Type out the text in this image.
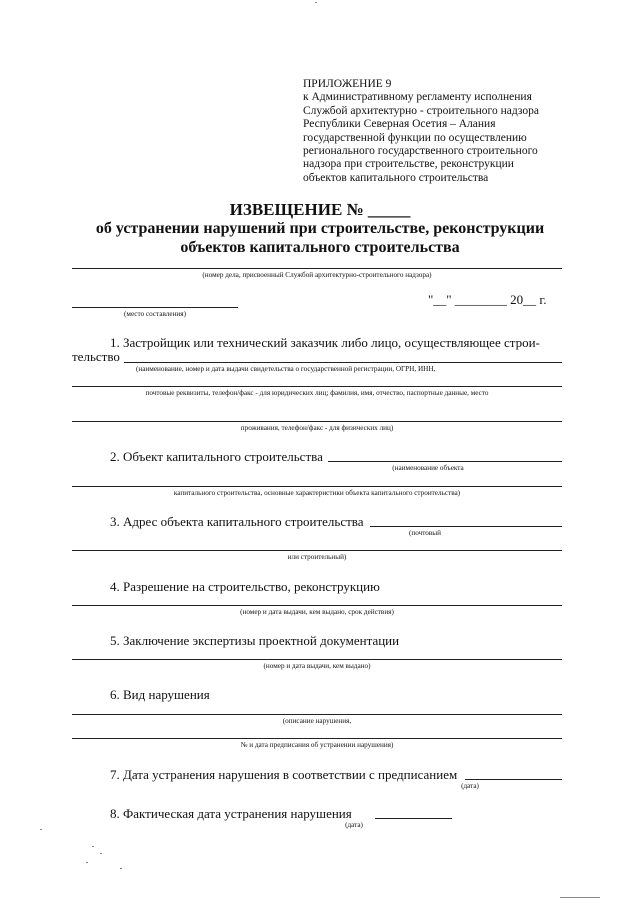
ПРИЛОЖЕНИЕ 9
к Административному регламенту исполнения
Службой архитектурно - строительного надзора
Республики Северная Осетия – Алания
государственной функции по осуществлению
регионального государственного строительного
надзора при строительстве, реконструкции
объектов капитального строительства
ИЗВЕЩЕНИЕ № _____
об устранении нарушений при строительстве, реконструкции
объектов капитального строительства
(номер дела, присвоенный Службой архитектурно-строительного надзора)
(место составления)
"__" ________ 20__ г.
1. Застройщик или технический заказчик либо лицо, осуществляющее строи-
тельство
(наименование, номер и дата выдачи свидетельства о государственной регистрации, ОГРН, ИНН,
почтовые реквизиты, телефон/факс - для юридических лиц; фамилия, имя, отчество, паспортные данные, место
проживания, телефон/факс - для физических лиц)
2. Объект капитального строительства
(наименование объекта
капитального строительства, основные характеристики объекта капитального строительства)
3. Адрес объекта капитального строительства
(почтовый
или строительный)
4. Разрешение на строительство, реконструкцию
(номер и дата выдачи, кем выдано, срок действия)
5. Заключение экспертизы проектной документации
(номер и дата выдачи, кем выдано)
6. Вид нарушения
(описание нарушения,
№ и дата предписания об устранении нарушения)
7. Дата устранения нарушения в соответствии с предписанием
(дата)
8. Фактическая дата устранения нарушения
(дата)
